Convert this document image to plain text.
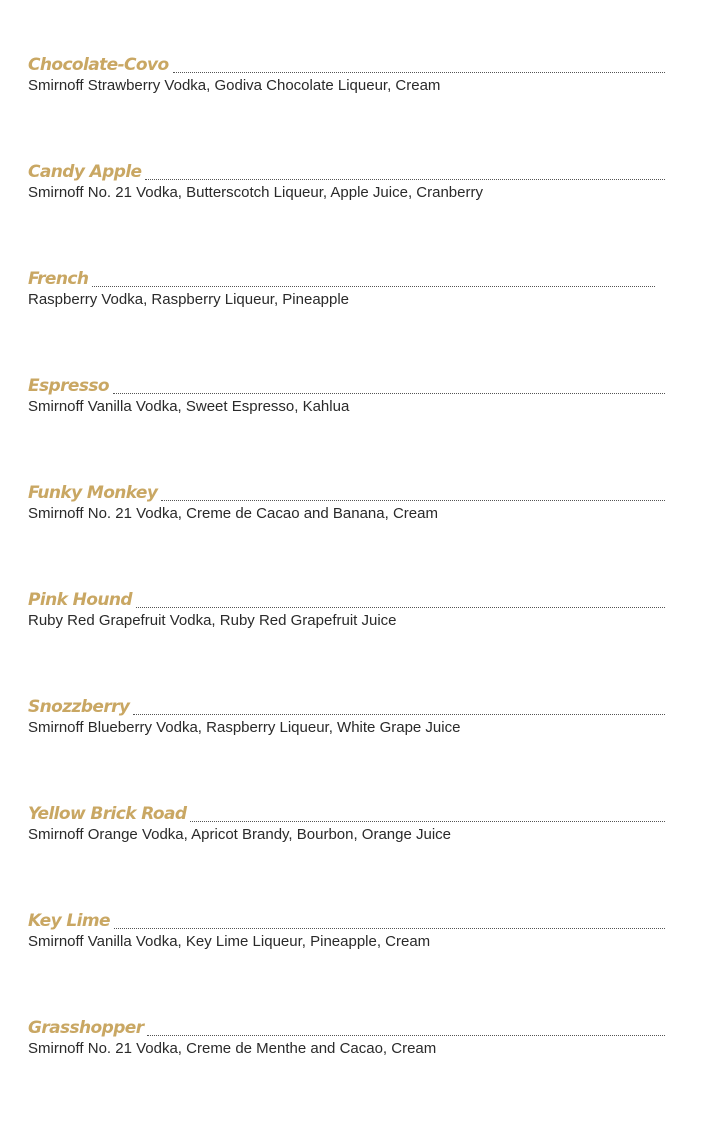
Chocolate-Covo
Smirnoff Strawberry Vodka, Godiva Chocolate Liqueur, Cream
Candy Apple
Smirnoff No. 21 Vodka, Butterscotch Liqueur, Apple Juice, Cranberry
French
Raspberry Vodka, Raspberry Liqueur, Pineapple
Espresso
Smirnoff Vanilla Vodka, Sweet Espresso, Kahlua
Funky Monkey
Smirnoff No. 21 Vodka, Creme de Cacao and Banana, Cream
Pink Hound
Ruby Red Grapefruit Vodka, Ruby Red Grapefruit Juice
Snozzberry
Smirnoff Blueberry Vodka, Raspberry Liqueur, White Grape Juice
Yellow Brick Road
Smirnoff Orange Vodka, Apricot Brandy, Bourbon, Orange Juice
Key Lime
Smirnoff Vanilla Vodka, Key Lime Liqueur, Pineapple, Cream
Grasshopper
Smirnoff No. 21 Vodka, Creme de Menthe and Cacao, Cream
